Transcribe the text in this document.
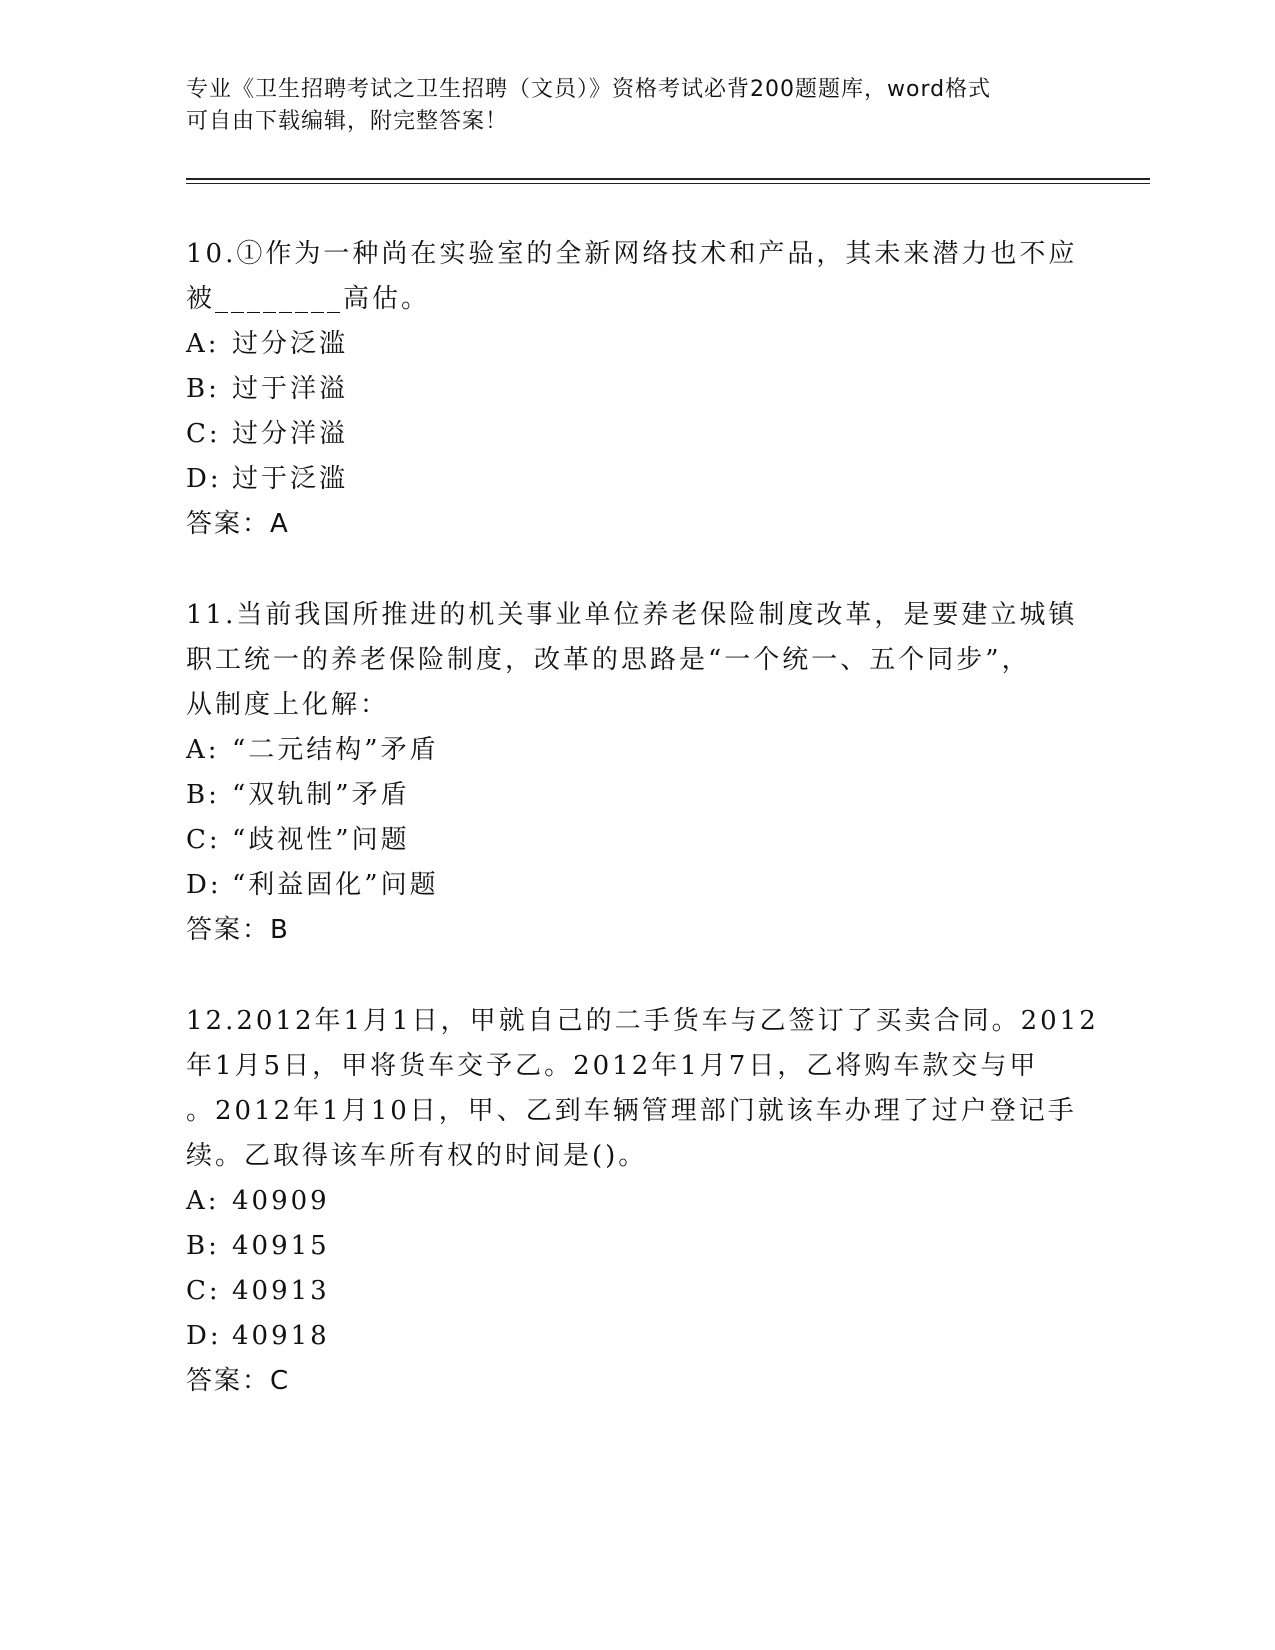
专业《卫生招聘考试之卫生招聘（文员）》资格考试必背200题题库，word格式
可自由下载编辑，附完整答案！
10.①作为一种尚在实验室的全新网络技术和产品，其未来潜力也不应
被________高估。
A: 过分泛滥
B: 过于洋溢
C: 过分洋溢
D: 过于泛滥
答案：A
11.当前我国所推进的机关事业单位养老保险制度改革，是要建立城镇
职工统一的养老保险制度，改革的思路是“一个统一、五个同步”，
从制度上化解：
A: “二元结构”矛盾
B: “双轨制”矛盾
C: “歧视性”问题
D: “利益固化”问题
答案：B
12.2012年1月1日，甲就自己的二手货车与乙签订了买卖合同。2012
年1月5日，甲将货车交予乙。2012年1月7日，乙将购车款交与甲
。2012年1月10日，甲、乙到车辆管理部门就该车办理了过户登记手
续。乙取得该车所有权的时间是()。
A: 40909
B: 40915
C: 40913
D: 40918
答案：C
